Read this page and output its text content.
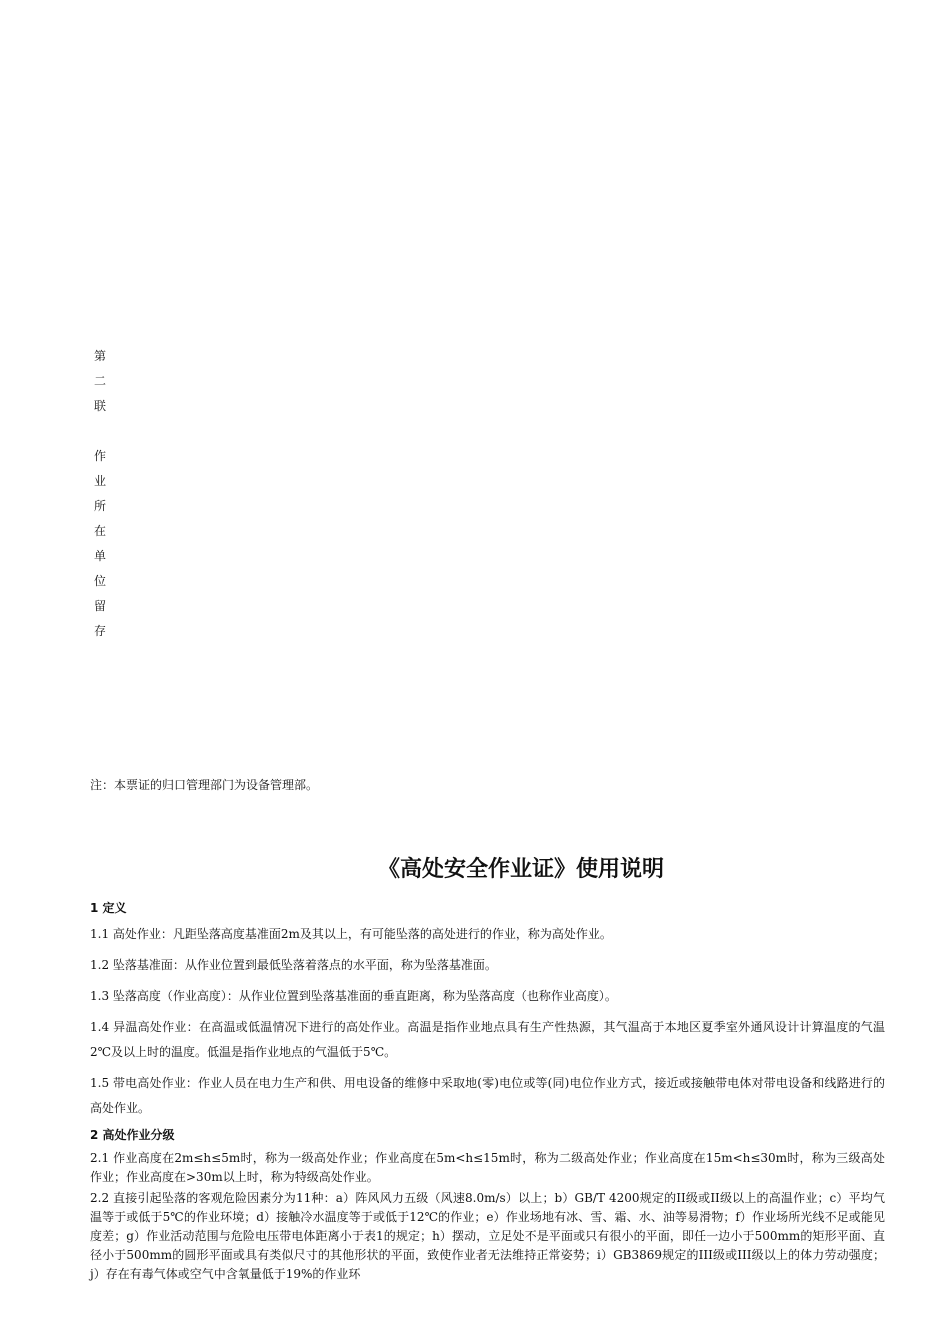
第
二
联
作
业
所
在
单
位
留
存
注：本票证的归口管理部门为设备管理部。
《高处安全作业证》使用说明

1 定义

1.1 高处作业：凡距坠落高度基准面2m及其以上，有可能坠落的高处进行的作业，称为高处作业。

1.2 坠落基准面：从作业位置到最低坠落着落点的水平面，称为坠落基准面。

1.3 坠落高度（作业高度）：从作业位置到坠落基准面的垂直距离，称为坠落高度（也称作业高度）。

1.4 异温高处作业：在高温或低温情况下进行的高处作业。高温是指作业地点具有生产性热源，其气温高于本地区夏季室外通风设计计算温度的气温2℃及以上时的温度。低温是指作业地点的气温低于5℃。

1.5 带电高处作业：作业人员在电力生产和供、用电设备的维修中采取地(零)电位或等(同)电位作业方式，接近或接触带电体对带电设备和线路进行的高处作业。

2 高处作业分级

2.1 作业高度在2m≤h≤5m时，称为一级高处作业；作业高度在5m<h≤15m时，称为二级高处作业；作业高度在15m<h≤30m时，称为三级高处作业；作业高度在>30m以上时，称为特级高处作业。

2.2 直接引起坠落的客观危险因素分为11种：a）阵风风力五级（风速8.0m/s）以上；b）GB/T 4200规定的II级或II级以上的高温作业；c）平均气温等于或低于5℃的作业环境；d）接触冷水温度等于或低于12℃的作业；e）作业场地有冰、雪、霜、水、油等易滑物；f）作业场所光线不足或能见度差；g）作业活动范围与危险电压带电体距离小于表1的规定；h）摆动，立足处不是平面或只有很小的平面，即任一边小于500mm的矩形平面、直径小于500mm的圆形平面或具有类似尺寸的其他形状的平面，致使作业者无法维持正常姿势；i）GB3869规定的III级或III级以上的体力劳动强度；j）存在有毒气体或空气中含氧量低于19%的作业环
